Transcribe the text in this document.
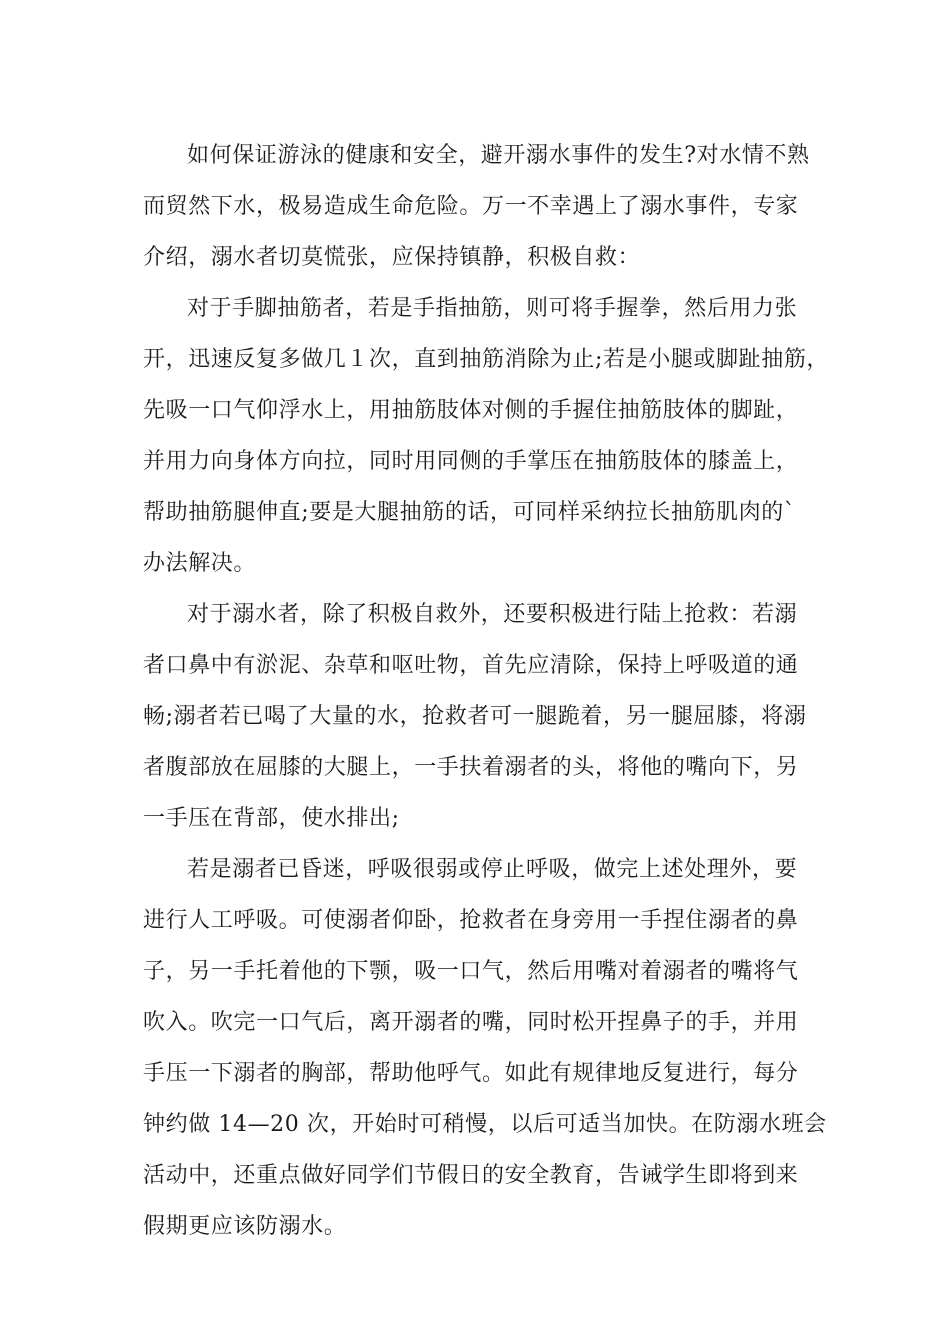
如何保证游泳的健康和安全，避开溺水事件的发生?对水情不熟
而贸然下水，极易造成生命危险。万一不幸遇上了溺水事件，专家
介绍，溺水者切莫慌张，应保持镇静，积极自救：
对于手脚抽筋者，若是手指抽筋，则可将手握拳，然后用力张
开，迅速反复多做几１次，直到抽筋消除为止;若是小腿或脚趾抽筋，
先吸一口气仰浮水上，用抽筋肢体对侧的手握住抽筋肢体的脚趾，
并用力向身体方向拉，同时用同侧的手掌压在抽筋肢体的膝盖上，
帮助抽筋腿伸直;要是大腿抽筋的话，可同样采纳拉长抽筋肌肉的`
办法解决。
对于溺水者，除了积极自救外，还要积极进行陆上抢救：若溺
者口鼻中有淤泥、杂草和呕吐物，首先应清除，保持上呼吸道的通
畅;溺者若已喝了大量的水，抢救者可一腿跪着，另一腿屈膝，将溺
者腹部放在屈膝的大腿上，一手扶着溺者的头，将他的嘴向下，另
一手压在背部，使水排出;
若是溺者已昏迷，呼吸很弱或停止呼吸，做完上述处理外，要
进行人工呼吸。可使溺者仰卧，抢救者在身旁用一手捏住溺者的鼻
子，另一手托着他的下颚，吸一口气，然后用嘴对着溺者的嘴将气
吹入。吹完一口气后，离开溺者的嘴，同时松开捏鼻子的手，并用
手压一下溺者的胸部，帮助他呼气。如此有规律地反复进行，每分
钟约做 14—20 次，开始时可稍慢，以后可适当加快。在防溺水班会
活动中，还重点做好同学们节假日的安全教育，告诫学生即将到来
假期更应该防溺水。
